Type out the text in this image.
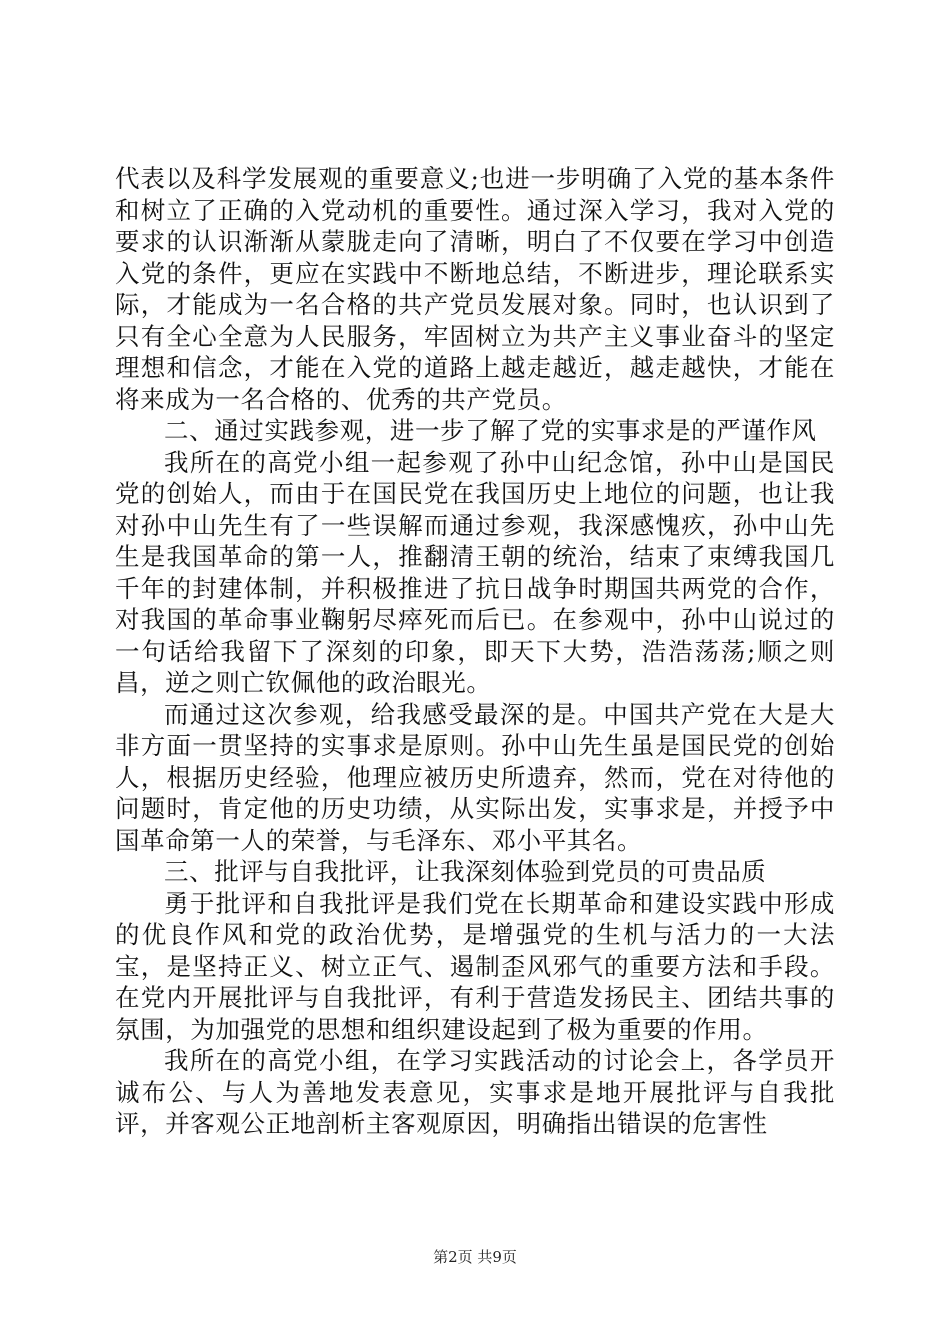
代表以及科学发展观的重要意义;也进一步明确了入党的基本条件和树立了正确的入党动机的重要性。通过深入学习，我对入党的要求的认识渐渐从蒙胧走向了清晰，明白了不仅要在学习中创造入党的条件，更应在实践中不断地总结，不断进步，理论联系实际，才能成为一名合格的共产党员发展对象。同时，也认识到了只有全心全意为人民服务，牢固树立为共产主义事业奋斗的坚定理想和信念，才能在入党的道路上越走越近，越走越快，才能在将来成为一名合格的、优秀的共产党员。

二、通过实践参观，进一步了解了党的实事求是的严谨作风

我所在的高党小组一起参观了孙中山纪念馆，孙中山是国民党的创始人，而由于在国民党在我国历史上地位的问题，也让我对孙中山先生有了一些误解而通过参观，我深感愧疚，孙中山先生是我国革命的第一人，推翻清王朝的统治，结束了束缚我国几千年的封建体制，并积极推进了抗日战争时期国共两党的合作，对我国的革命事业鞠躬尽瘁死而后已。在参观中，孙中山说过的一句话给我留下了深刻的印象，即天下大势，浩浩荡荡;顺之则昌，逆之则亡钦佩他的政治眼光。

而通过这次参观，给我感受最深的是。中国共产党在大是大非方面一贯坚持的实事求是原则。孙中山先生虽是国民党的创始人，根据历史经验，他理应被历史所遗弃，然而，党在对待他的问题时，肯定他的历史功绩，从实际出发，实事求是，并授予中国革命第一人的荣誉，与毛泽东、邓小平其名。

三、批评与自我批评，让我深刻体验到党员的可贵品质

勇于批评和自我批评是我们党在长期革命和建设实践中形成的优良作风和党的政治优势，是增强党的生机与活力的一大法宝，是坚持正义、树立正气、遏制歪风邪气的重要方法和手段。在党内开展批评与自我批评，有利于营造发扬民主、团结共事的氛围，为加强党的思想和组织建设起到了极为重要的作用。

我所在的高党小组，在学习实践活动的讨论会上，各学员开诚布公、与人为善地发表意见，实事求是地开展批评与自我批评，并客观公正地剖析主客观原因，明确指出错误的危害性

第2页 共9页
